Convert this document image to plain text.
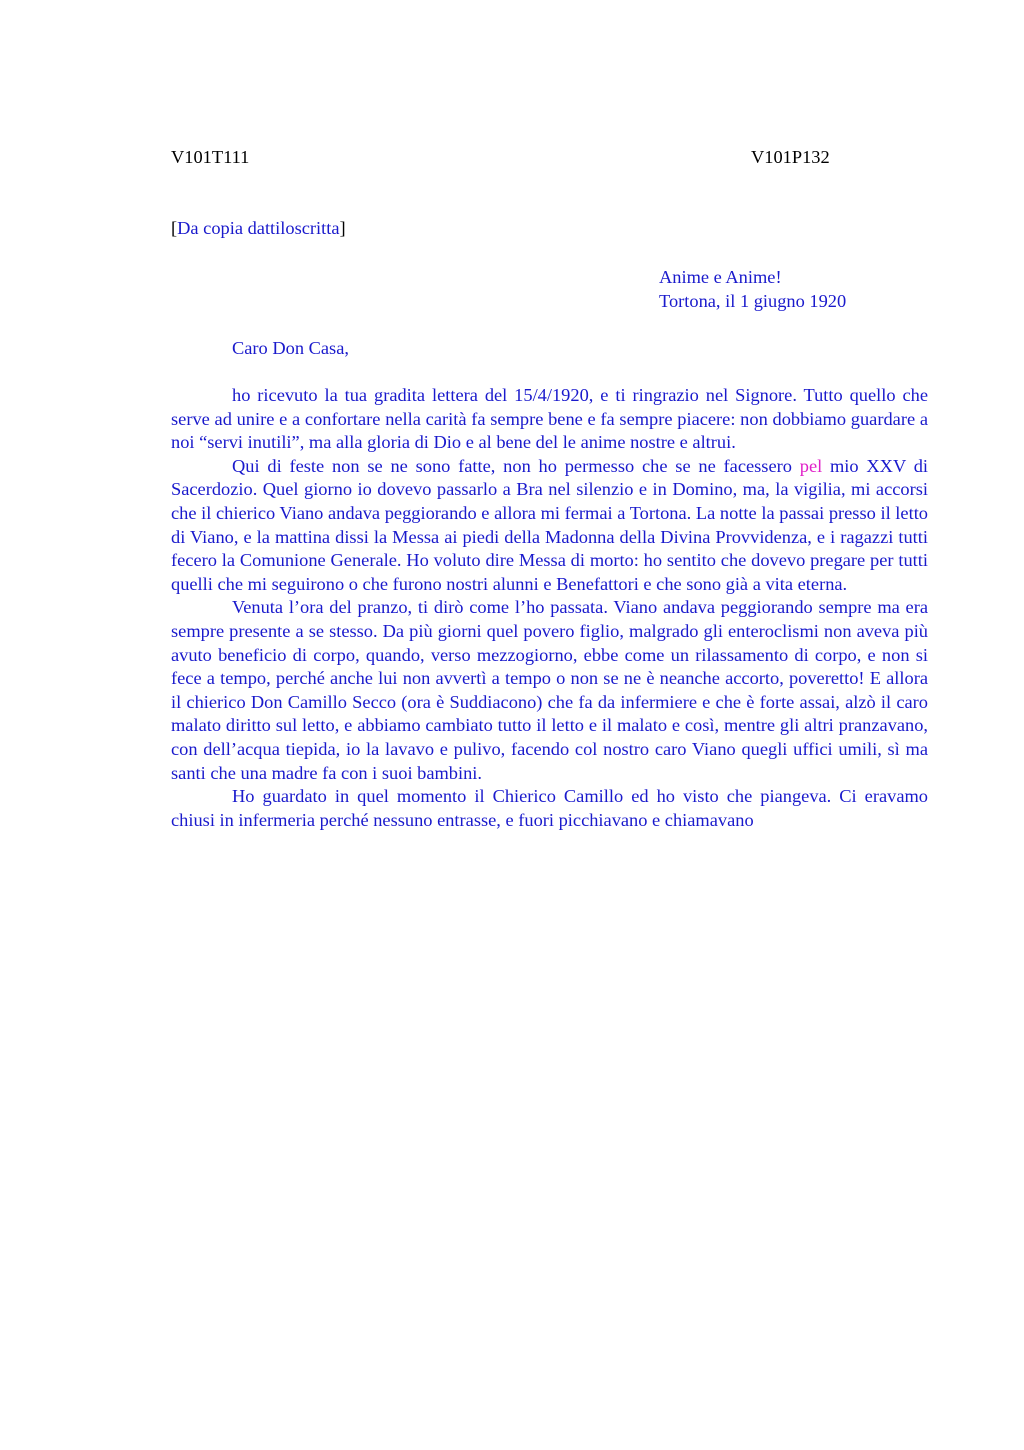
V101T111	V101P132
[Da copia dattiloscritta]
Anime e Anime!
Tortona, il 1 giugno 1920
Caro Don Casa,

ho ricevuto la tua gradita lettera del 15/4/1920, e ti ringrazio nel Signore. Tutto quello che serve ad unire e a confortare nella carità fa sempre bene e fa sempre piacere: non dobbiamo guardare a noi “servi inutili”, ma alla gloria di Dio e al bene del le anime nostre e altrui.

Qui di feste non se ne sono fatte, non ho permesso che se ne facessero pel mio XXV di Sacerdozio. Quel giorno io dovevo passarlo a Bra nel silenzio e in Domino, ma, la vigilia, mi accorsi che il chierico Viano andava peggiorando e allora mi fermai a Tortona. La notte la passai presso il letto di Viano, e la mattina dissi la Messa ai piedi della Madonna della Divina Provvidenza, e i ragazzi tutti fecero la Comunione Generale. Ho voluto dire Messa di morto: ho sentito che dovevo pregare per tutti quelli che mi seguirono o che furono nostri alunni e Benefattori e che sono già a vita eterna.

Venuta l’ora del pranzo, ti dirò come l’ho passata. Viano andava peggiorando sempre ma era sempre presente a se stesso. Da più giorni quel povero figlio, malgrado gli enteroclismi non aveva più avuto beneficio di corpo, quando, verso mezzogiorno, ebbe come un rilassamento di corpo, e non si fece a tempo, perché anche lui non avvertì a tempo o non se ne è neanche accorto, poveretto! E allora il chierico Don Camillo Secco (ora è Suddiacono) che fa da infermiere e che è forte assai, alzò il caro malato diritto sul letto, e abbiamo cambiato tutto il letto e il malato e così, mentre gli altri pranzavano, con dell’acqua tiepida, io la lavavo e pulivo, facendo col nostro caro Viano quegli uffici umili, sì ma santi che una madre fa con i suoi bambini.

Ho guardato in quel momento il Chierico Camillo ed ho visto che piangeva. Ci eravamo chiusi in infermeria perché nessuno entrasse, e fuori picchiavano e chiamavano
